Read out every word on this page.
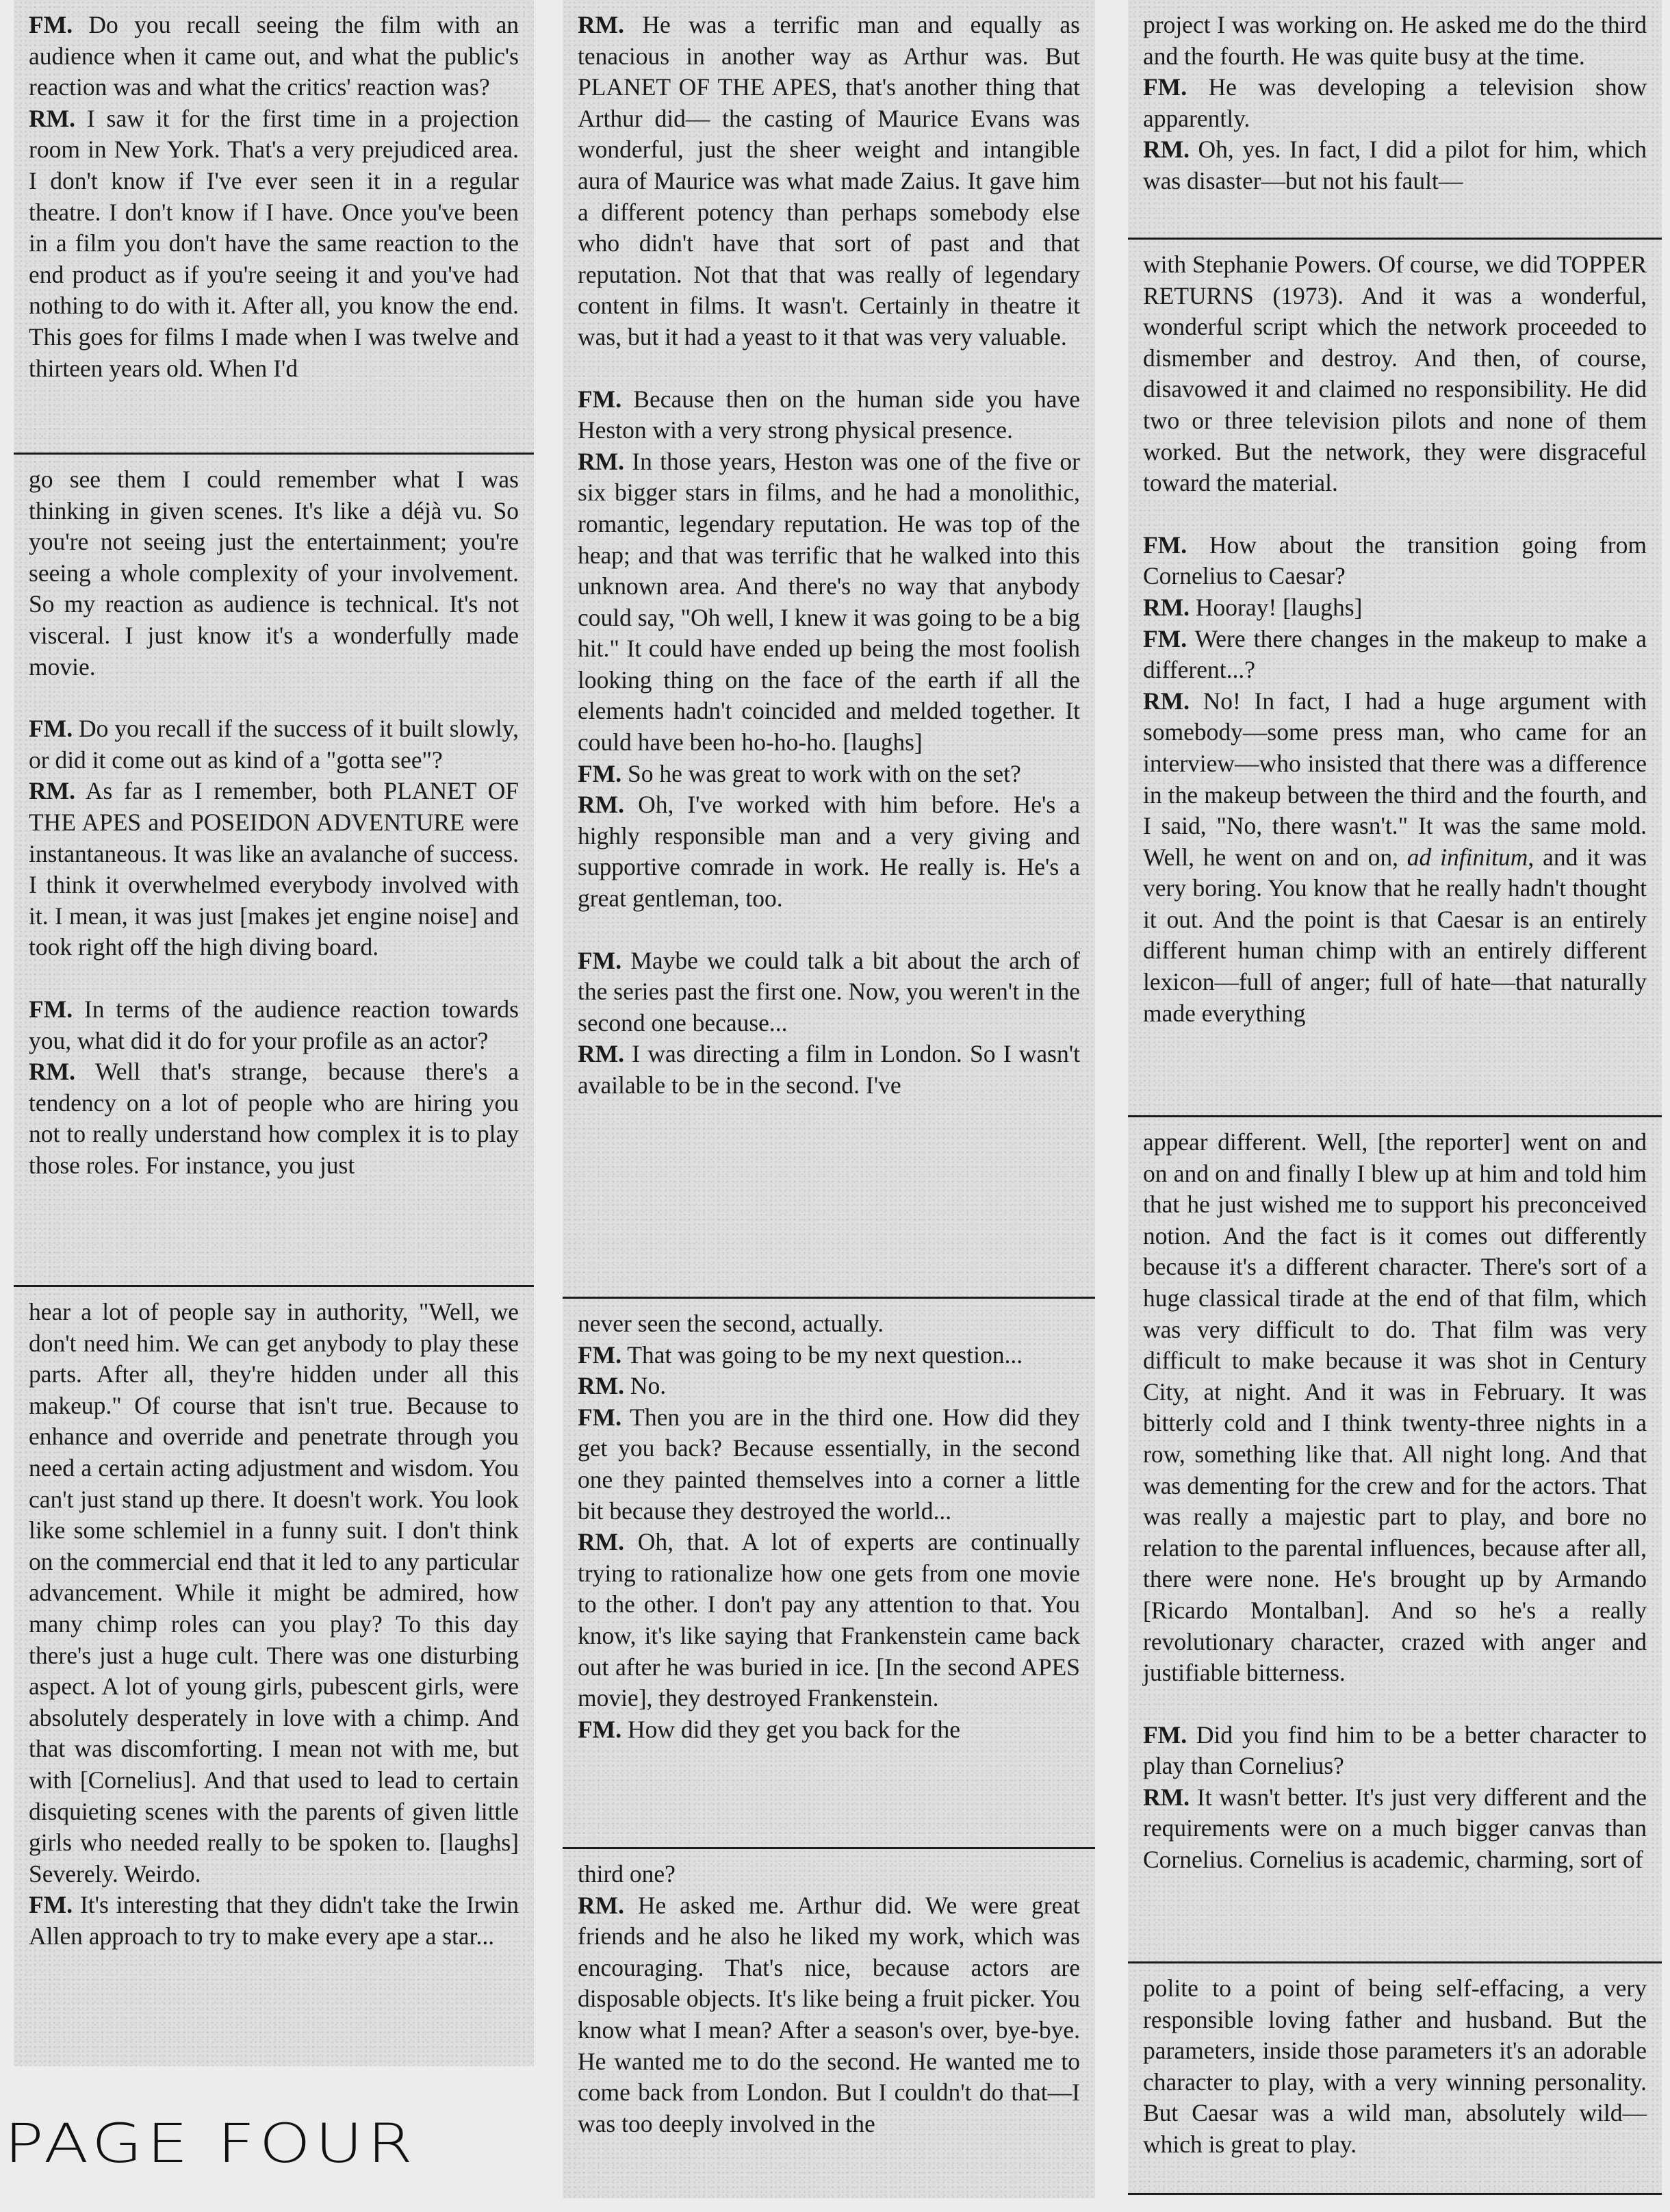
FM. Do you recall seeing the film with an audience when it came out, and what the public's reaction was and what the critics' reaction was?

RM. I saw it for the first time in a projection room in New York. That's a very prejudiced area. I don't know if I've ever seen it in a regular theatre. I don't know if I have. Once you've been in a film you don't have the same reaction to the end product as if you're seeing it and you've had nothing to do with it. After all, you know the end. This goes for films I made when I was twelve and thirteen years old. When I'd

go see them I could remember what I was thinking in given scenes. It's like a déjà vu. So you're not seeing just the entertainment; you're seeing a whole complexity of your involvement. So my reaction as audience is technical. It's not visceral. I just know it's a wonderfully made movie.

FM. Do you recall if the success of it built slowly, or did it come out as kind of a "gotta see"?

RM. As far as I remember, both PLANET OF THE APES and POSEIDON ADVENTURE were instantaneous. It was like an avalanche of success. I think it overwhelmed everybody involved with it. I mean, it was just [makes jet engine noise] and took right off the high diving board.

FM. In terms of the audience reaction towards you, what did it do for your profile as an actor?

RM. Well that's strange, because there's a tendency on a lot of people who are hiring you not to really understand how complex it is to play those roles. For instance, you just

hear a lot of people say in authority, "Well, we don't need him. We can get anybody to play these parts. After all, they're hidden under all this makeup." Of course that isn't true. Because to enhance and override and penetrate through you need a certain acting adjustment and wisdom. You can't just stand up there. It doesn't work. You look like some schlemiel in a funny suit. I don't think on the commercial end that it led to any particular advancement. While it might be admired, how many chimp roles can you play? To this day there's just a huge cult. There was one disturbing aspect. A lot of young girls, pubescent girls, were absolutely desperately in love with a chimp. And that was discomforting. I mean not with me, but with [Cornelius]. And that used to lead to certain disquieting scenes with the parents of given little girls who needed really to be spoken to. [laughs] Severely. Weirdo.

FM. It's interesting that they didn't take the Irwin Allen approach to try to make every ape a star...

RM. He was a terrific man and equally as tenacious in another way as Arthur was. But PLANET OF THE APES, that's another thing that Arthur did— the casting of Maurice Evans was wonderful, just the sheer weight and intangible aura of Maurice was what made Zaius. It gave him a different potency than perhaps somebody else who didn't have that sort of past and that reputation. Not that that was really of legendary content in films. It wasn't. Certainly in theatre it was, but it had a yeast to it that was very valuable.

FM. Because then on the human side you have Heston with a very strong physical presence.

RM. In those years, Heston was one of the five or six bigger stars in films, and he had a monolithic, romantic, legendary reputation. He was top of the heap; and that was terrific that he walked into this unknown area. And there's no way that anybody could say, "Oh well, I knew it was going to be a big hit." It could have ended up being the most foolish looking thing on the face of the earth if all the elements hadn't coincided and melded together. It could have been ho-ho-ho. [laughs]

FM. So he was great to work with on the set?

RM. Oh, I've worked with him before. He's a highly responsible man and a very giving and supportive comrade in work. He really is. He's a great gentleman, too.

FM. Maybe we could talk a bit about the arch of the series past the first one. Now, you weren't in the second one because...

RM. I was directing a film in London. So I wasn't available to be in the second. I've

never seen the second, actually.

FM. That was going to be my next question...

RM. No.

FM. Then you are in the third one. How did they get you back? Because essentially, in the second one they painted themselves into a corner a little bit because they destroyed the world...

RM. Oh, that. A lot of experts are continually trying to rationalize how one gets from one movie to the other. I don't pay any attention to that. You know, it's like saying that Frankenstein came back out after he was buried in ice. [In the second APES movie], they destroyed Frankenstein.

FM. How did they get you back for the

third one?

RM. He asked me. Arthur did. We were great friends and he also he liked my work, which was encouraging. That's nice, because actors are disposable objects. It's like being a fruit picker. You know what I mean? After a season's over, bye-bye. He wanted me to do the second. He wanted me to come back from London. But I couldn't do that—I was too deeply involved in the

project I was working on. He asked me do the third and the fourth. He was quite busy at the time.

FM. He was developing a television show apparently.

RM. Oh, yes. In fact, I did a pilot for him, which was disaster—but not his fault—

with Stephanie Powers. Of course, we did TOPPER RETURNS (1973). And it was a wonderful, wonderful script which the network proceeded to dismember and destroy. And then, of course, disavowed it and claimed no responsibility. He did two or three television pilots and none of them worked. But the network, they were disgraceful toward the material.

FM. How about the transition going from Cornelius to Caesar?

RM. Hooray! [laughs]

FM. Were there changes in the makeup to make a different...?

RM. No! In fact, I had a huge argument with somebody—some press man, who came for an interview—who insisted that there was a difference in the makeup between the third and the fourth, and I said, "No, there wasn't." It was the same mold. Well, he went on and on, ad infinitum, and it was very boring. You know that he really hadn't thought it out. And the point is that Caesar is an entirely different human chimp with an entirely different lexicon—full of anger; full of hate—that naturally made everything

appear different. Well, [the reporter] went on and on and on and finally I blew up at him and told him that he just wished me to support his preconceived notion. And the fact is it comes out differently because it's a different character. There's sort of a huge classical tirade at the end of that film, which was very difficult to do. That film was very difficult to make because it was shot in Century City, at night. And it was in February. It was bitterly cold and I think twenty-three nights in a row, something like that. All night long. And that was dementing for the crew and for the actors. That was really a majestic part to play, and bore no relation to the parental influences, because after all, there were none. He's brought up by Armando [Ricardo Montalban]. And so he's a really revolutionary character, crazed with anger and justifiable bitterness.

FM. Did you find him to be a better character to play than Cornelius?

RM. It wasn't better. It's just very different and the requirements were on a much bigger canvas than Cornelius. Cornelius is academic, charming, sort of

polite to a point of being self-effacing, a very responsible loving father and husband. But the parameters, inside those parameters it's an adorable character to play, with a very winning personality. But Caesar was a wild man, absolutely wild—which is great to play.

PAGE FOUR
